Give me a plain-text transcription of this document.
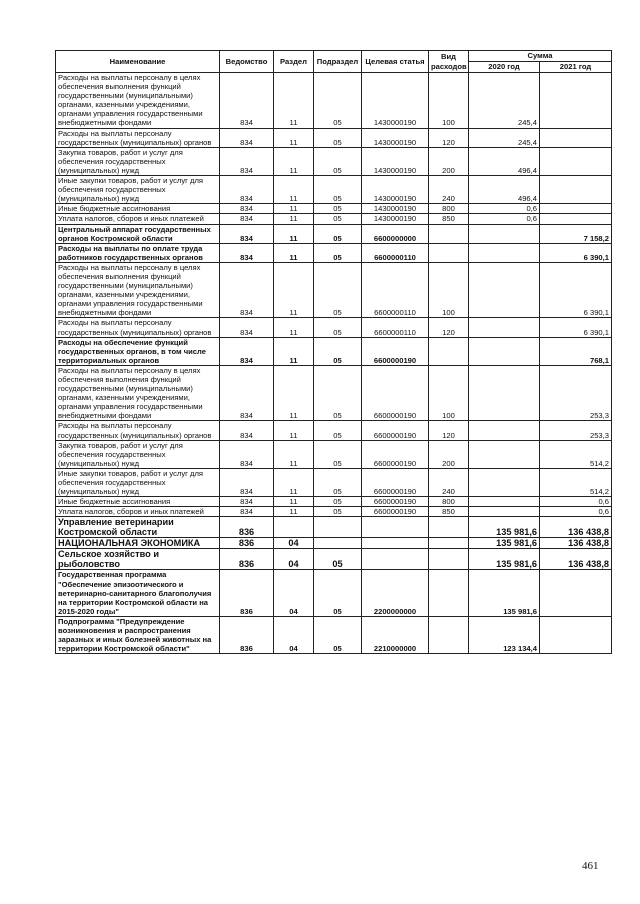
Наименование	Ведомство	Раздел	Подраздел	Целевая статья	Вид расходов	Сумма	
						2020 год	2021 год
Расходы на выплаты персоналу в целях обеспечения выполнения функций государственными (муниципальными) органами, казенными учреждениями, органами управления государственными внебюджетными фондами	834	11	05	1430000190	100	245,4	
Расходы на выплаты персоналу государственных (муниципальных) органов	834	11	05	1430000190	120	245,4	
Закупка товаров, работ и услуг для обеспечения государственных (муниципальных) нужд	834	11	05	1430000190	200	496,4	
Иные закупки товаров, работ и услуг для обеспечения государственных (муниципальных) нужд	834	11	05	1430000190	240	496,4	
Иные бюджетные ассигнования	834	11	05	1430000190	800	0,6	
Уплата налогов, сборов и иных платежей	834	11	05	1430000190	850	0,6	
Центральный аппарат государственных органов Костромской области	834	11	05	6600000000			7 158,2
Расходы на выплаты по оплате труда работников государственных органов	834	11	05	6600000110			6 390,1
Расходы на выплаты персоналу в целях обеспечения выполнения функций государственными (муниципальными) органами, казенными учреждениями, органами управления государственными внебюджетными фондами	834	11	05	6600000110	100		6 390,1
Расходы на выплаты персоналу государственных (муниципальных) органов	834	11	05	6600000110	120		6 390,1
Расходы на обеспечение функций государственных органов, в том числе территориальных органов	834	11	05	6600000190			768,1
Расходы на выплаты персоналу в целях обеспечения выполнения функций государственными (муниципальными) органами, казенными учреждениями, органами управления государственными внебюджетными фондами	834	11	05	6600000190	100		253,3
Расходы на выплаты персоналу государственных (муниципальных) органов	834	11	05	6600000190	120		253,3
Закупка товаров, работ и услуг для обеспечения государственных (муниципальных) нужд	834	11	05	6600000190	200		514,2
Иные закупки товаров, работ и услуг для обеспечения государственных (муниципальных) нужд	834	11	05	6600000190	240		514,2
Иные бюджетные ассигнования	834	11	05	6600000190	800		0,6
Уплата налогов, сборов и иных платежей	834	11	05	6600000190	850		0,6
Управление ветеринарии Костромской области	836					135 981,6	136 438,8
НАЦИОНАЛЬНАЯ ЭКОНОМИКА	836	04				135 981,6	136 438,8
Сельское хозяйство и рыболовство	836	04	05			135 981,6	136 438,8
Государственная программа "Обеспечение эпизоотического и ветеринарно-санитарного благополучия на территории Костромской области на 2015-2020 годы"	836	04	05	2200000000		135 981,6	
Подпрограмма "Предупреждение возникновения и распространения заразных и иных болезней животных на территории Костромской области"	836	04	05	2210000000		123 134,4	
461
